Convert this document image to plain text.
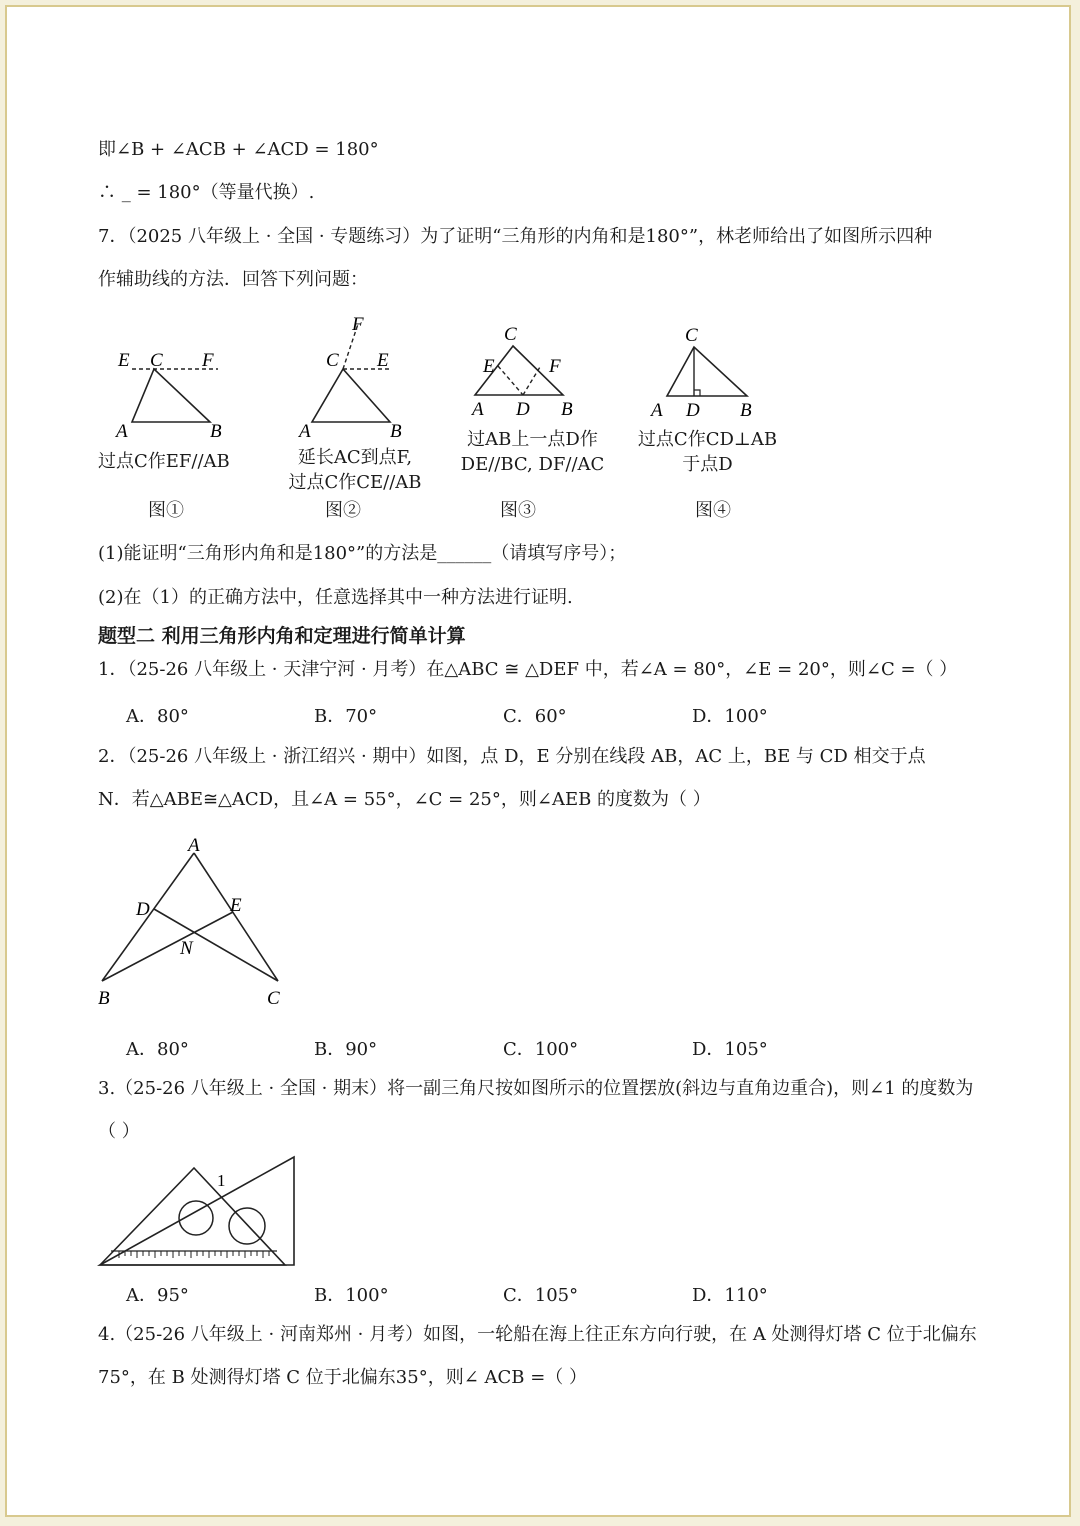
即∠B + ∠ACB + ∠ACD = 180°
∴ _ = 180°（等量代换）.
7．（2025 八年级上 · 全国 · 专题练习）为了证明“三角形的内角和是180°”，林老师给出了如图所示四种
作辅助线的方法．回答下列问题：
E C F
A	B
过点C作EF//AB
图①
F
C E
A	B
延长AC到点F,
过点C作CE//AB
图②
C
E	F
A D B
过AB上一点D作
DE//BC, DF//AC
图③
C
A D B
过点C作CD⊥AB
于点D
图④
(1)能证明“三角形内角和是180°”的方法是______（请填写序号）；
(2)在（1）的正确方法中，任意选择其中一种方法进行证明.
题型二 利用三角形内角和定理进行简单计算
1．（25-26 八年级上 · 天津宁河 · 月考）在△ABC ≅ △DEF 中，若∠A = 80°，∠E = 20°，则∠C =（ ）
A．80°	B．70°	C．60°	D．100°
2．（25-26 八年级上 · 浙江绍兴 · 期中）如图，点 D，E 分别在线段 AB，AC 上，BE 与 CD 相交于点
N．若△ABE≅△ACD，且∠A = 55°，∠C = 25°，则∠AEB 的度数为（ ）
A
D	E
N
B	C
A．80°	B．90°	C．100°	D．105°
3.（25-26 八年级上 · 全国 · 期末）将一副三角尺按如图所示的位置摆放(斜边与直角边重合)，则∠1 的度数为
（ ）
1
A．95°	B．100°	C．105°	D．110°
4.（25-26 八年级上 · 河南郑州 · 月考）如图，一轮船在海上往正东方向行驶，在 A 处测得灯塔 C 位于北偏东
75°，在 B 处测得灯塔 C 位于北偏东35°，则∠ ACB =（ ）
